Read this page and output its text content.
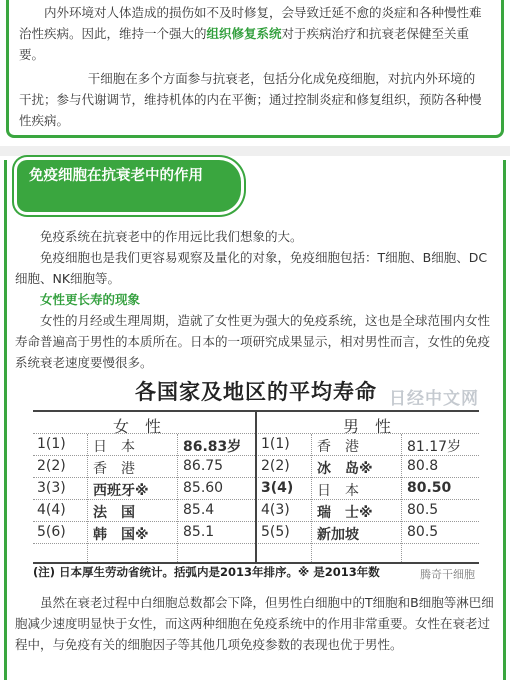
内外环境对人体造成的损伤如不及时修复，会导致迁延不愈的炎症和各种慢性难治性疾病。因此，维持一个强大的组织修复系统对于疾病治疗和抗衰老保健至关重要。

干细胞在多个方面参与抗衰老，包括分化成免疫细胞，对抗内外环境的干扰；参与代谢调节，维持机体的内在平衡；通过控制炎症和修复组织，预防各种慢性疾病。

免疫细胞在抗衰老中的作用

免疫系统在抗衰老中的作用远比我们想象的大。

免疫细胞也是我们更容易观察及量化的对象，免疫细胞包括：T细胞、B细胞、DC细胞、NK细胞等。

女性更长寿的现象

女性的月经或生理周期，造就了女性更为强大的免疫系统，这也是全球范围内女性寿命普遍高于男性的本质所在。日本的一项研究成果显示，相对男性而言，女性的免疫系统衰老速度要慢很多。

各国家及地区的平均寿命 日经中文网
女　性	男　性
1(1) 日　本	86.83岁 1(1) 香　港	81.17岁
2(2) 香　港	86.75	2(2) 冰　岛※ 80.8
3(3) 西班牙※ 85.60	3(4) 日　本	80.50
4(4) 法　国	85.4	4(3) 瑞　士※ 80.5
5(6) 韩　国※ 85.1	5(5) 新加坡	80.5
(注) 日本厚生劳动省统计。括弧内是2013年排序。※ 是2013年数	腾奇干细胞

虽然在衰老过程中白细胞总数都会下降，但男性白细胞中的T细胞和B细胞等淋巴细胞减少速度明显快于女性，而这两种细胞在免疫系统中的作用非常重要。女性在衰老过程中，与免疫有关的细胞因子等其他几项免疫参数的表现也优于男性。
